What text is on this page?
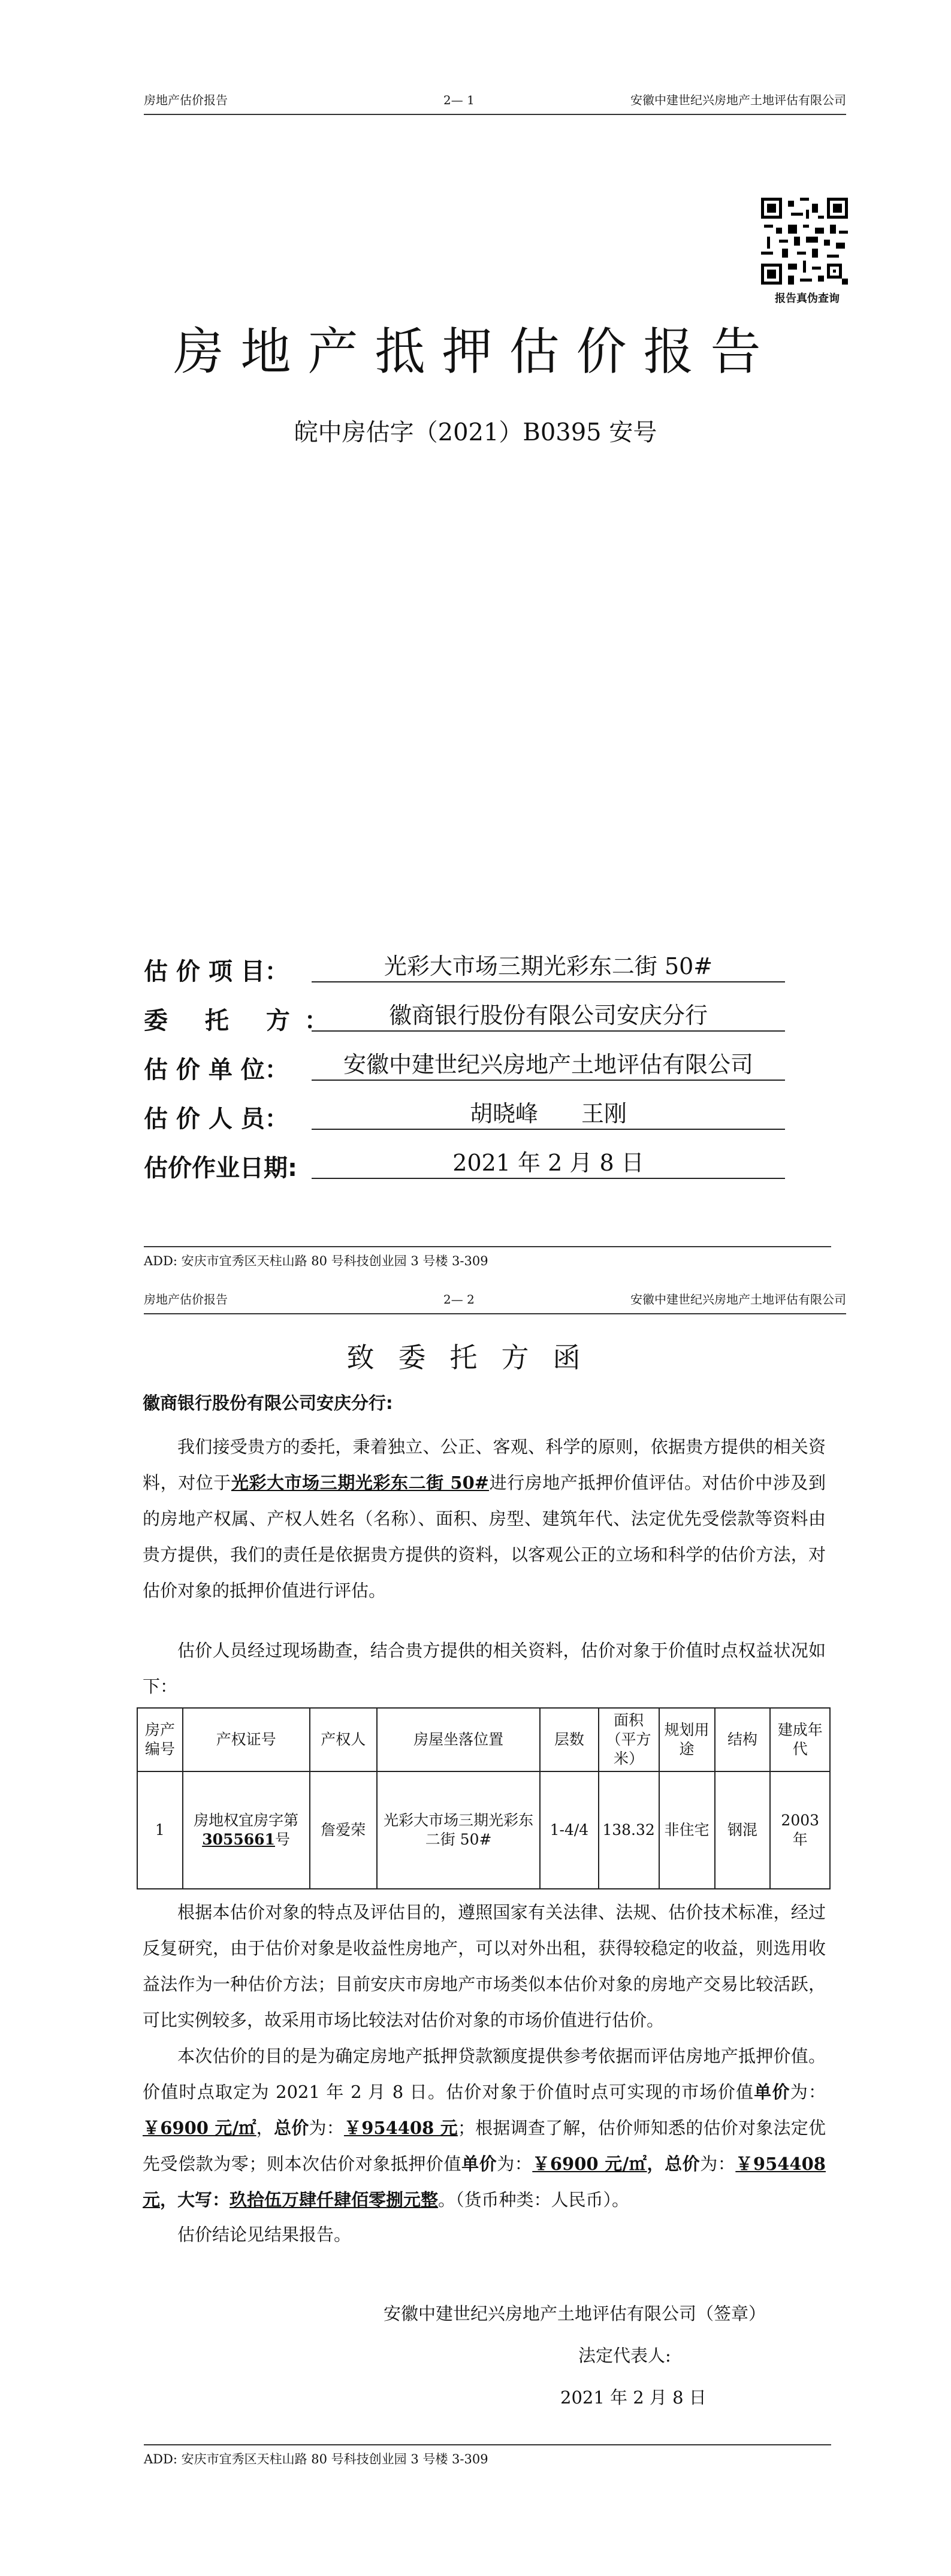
房地产估价报告	2— 1	安徽中建世纪兴房地产土地评估有限公司
报告真伪查询
房地产抵押估价报告
皖中房估字（2021）B0395 安号
估 价 项 目：	光彩大市场三期光彩东二街 50#
委 托 方：	徽商银行股份有限公司安庆分行
估 价 单 位：	安徽中建世纪兴房地产土地评估有限公司
估 价 人 员：	胡晓峰 王刚
估价作业日期:	2021 年 2 月 8 日
ADD: 安庆市宜秀区天柱山路 80 号科技创业园 3 号楼 3-309
房地产估价报告	2— 2	安徽中建世纪兴房地产土地评估有限公司
致委托方函
徽商银行股份有限公司安庆分行:

我们接受贵方的委托，秉着独立、公正、客观、科学的原则，依据贵方提供的相关资料，对位于光彩大市场三期光彩东二街 50#进行房地产抵押价值评估。对估价中涉及到的房地产权属、产权人姓名（名称）、面积、房型、建筑年代、法定优先受偿款等资料由贵方提供，我们的责任是依据贵方提供的资料，以客观公正的立场和科学的估价方法，对估价对象的抵押价值进行评估。

估价人员经过现场勘查，结合贵方提供的相关资料，估价对象于价值时点权益状况如下：

房产编号	产权证号	产权人	房屋坐落位置	层数	面积（平方米）	规划用途	结构	建成年代
1	房地权宜房字第3055661号	詹爱荣	光彩大市场三期光彩东二街 50#	1-4/4	138.32	非住宅	钢混	2003 年

根据本估价对象的特点及评估目的，遵照国家有关法律、法规、估价技术标准，经过反复研究，由于估价对象是收益性房地产，可以对外出租，获得较稳定的收益，则选用收益法作为一种估价方法；目前安庆市房地产市场类似本估价对象的房地产交易比较活跃，可比实例较多，故采用市场比较法对估价对象的市场价值进行估价。

本次估价的目的是为确定房地产抵押贷款额度提供参考依据而评估房地产抵押价值。价值时点取定为 2021 年 2 月 8 日。估价对象于价值时点可实现的市场价值单价为：￥6900 元/㎡，总价为：￥954408 元；根据调查了解，估价师知悉的估价对象法定优先受偿款为零；则本次估价对象抵押价值单价为：￥6900 元/㎡，总价为：￥954408 元，大写：玖拾伍万肆仟肆佰零捌元整。（货币种类：人民币）。

估价结论见结果报告。

安徽中建世纪兴房地产土地评估有限公司（签章）
法定代表人:
2021 年 2 月 8 日
ADD: 安庆市宜秀区天柱山路 80 号科技创业园 3 号楼 3-309
